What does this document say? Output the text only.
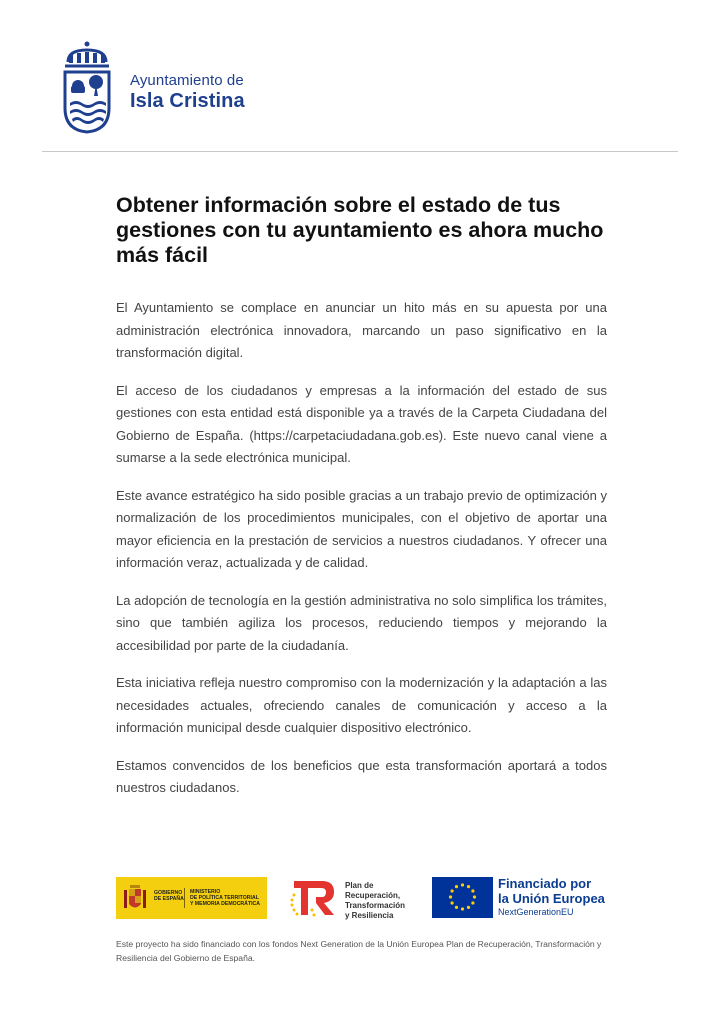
Ayuntamiento de
Isla Cristina
Obtener información sobre el estado de tus gestiones con tu ayuntamiento es ahora mucho más fácil

El Ayuntamiento se complace en anunciar un hito más en su apuesta por una administración electrónica innovadora, marcando un paso significativo en la transformación digital.

El acceso de los ciudadanos y empresas a la información del estado de sus gestiones con esta entidad está disponible ya a través de la Carpeta Ciudadana del Gobierno de España. (https://carpetaciudadana.gob.es). Este nuevo canal viene a sumarse a la sede electrónica municipal.

Este avance estratégico ha sido posible gracias a un trabajo previo de optimización y normalización de los procedimientos municipales, con el objetivo de aportar una mayor eficiencia en la prestación de servicios a nuestros ciudadanos. Y ofrecer una información veraz, actualizada y de calidad.

La adopción de tecnología en la gestión administrativa no solo simplifica los trámites, sino que también agiliza los procesos, reduciendo tiempos y mejorando la accesibilidad por parte de la ciudadanía.

Esta iniciativa refleja nuestro compromiso con la modernización y la adaptación a las necesidades actuales, ofreciendo canales de comunicación y acceso a la información municipal desde cualquier dispositivo electrónico.

Estamos convencidos de los beneficios que esta transformación aportará a todos nuestros ciudadanos.

GOBIERNO
DE ESPAÑA
MINISTERIO
DE POLÍTICA TERRITORIAL
Y MEMORIA DEMOCRÁTICA
Plan de
Recuperación,
Transformación
y Resiliencia
Financiado por
la Unión Europea
NextGenerationEU
Este proyecto ha sido financiado con los fondos Next Generation de la Unión Europea Plan de Recuperación, Transformación y Resiliencia del Gobierno de España.
